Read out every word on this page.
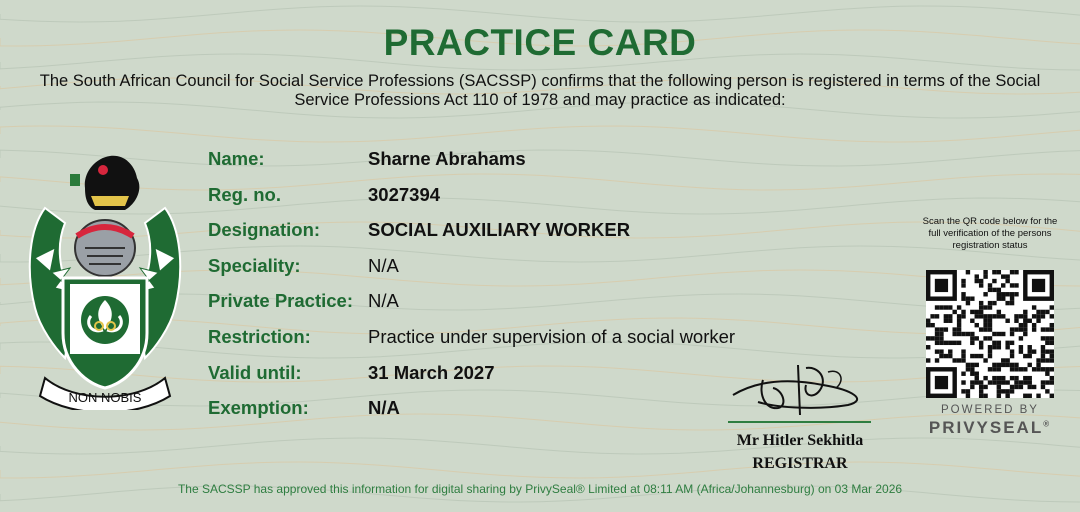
PRACTICE CARD
The South African Council for Social Service Professions (SACSSP) confirms that the following person is registered in terms of the Social Service Professions Act 110 of 1978 and may practice as indicated:
NON NOBIS
Name:	Sharne Abrahams
Reg. no.	3027394
Designation:	SOCIAL AUXILIARY WORKER
Speciality:	N/A
Private Practice: N/A
Restriction:	Practice under supervision of a social worker
Valid until:	31 March 2027
Exemption:	N/A
Mr Hitler Sekhitla
REGISTRAR
Scan the QR code below for the full verification of the persons registration status
POWERED BY
PRIVYSEAL®
The SACSSP has approved this information for digital sharing by PrivySeal® Limited at 08:11 AM (Africa/Johannesburg) on 03 Mar 2026
